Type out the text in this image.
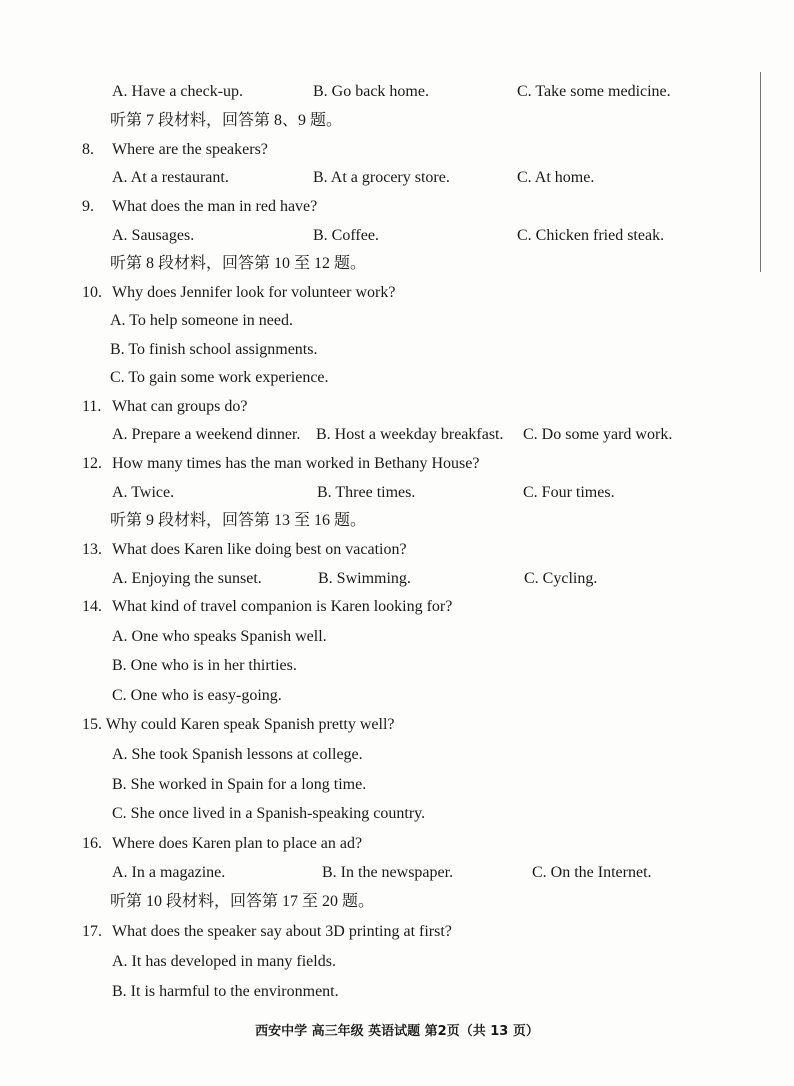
A. Have a check-up.	B. Go back home.	C. Take some medicine.
听第 7 段材料，回答第 8、9 题。
8. Where are the speakers?
A. At a restaurant.	B. At a grocery store.	C. At home.
9. What does the man in red have?
A. Sausages.	B. Coffee.	C. Chicken fried steak.
听第 8 段材料，回答第 10 至 12 题。
10. Why does Jennifer look for volunteer work?
A. To help someone in need.
B. To finish school assignments.
C. To gain some work experience.
11. What can groups do?
A. Prepare a weekend dinner. B. Host a weekday breakfast. C. Do some yard work.
12. How many times has the man worked in Bethany House?
A. Twice.	B. Three times.	C. Four times.
听第 9 段材料，回答第 13 至 16 题。
13. What does Karen like doing best on vacation?
A. Enjoying the sunset.	B. Swimming.	C. Cycling.
14. What kind of travel companion is Karen looking for?
A. One who speaks Spanish well.
B. One who is in her thirties.
C. One who is easy-going.
15. Why could Karen speak Spanish pretty well?
A. She took Spanish lessons at college.
B. She worked in Spain for a long time.
C. She once lived in a Spanish-speaking country.
16. Where does Karen plan to place an ad?
A. In a magazine.	B. In the newspaper.	C. On the Internet.
听第 10 段材料，回答第 17 至 20 题。
17. What does the speaker say about 3D printing at first?
A. It has developed in many fields.
B. It is harmful to the environment.
西安中学 高三年级 英语试题 第2页（共 13 页）
